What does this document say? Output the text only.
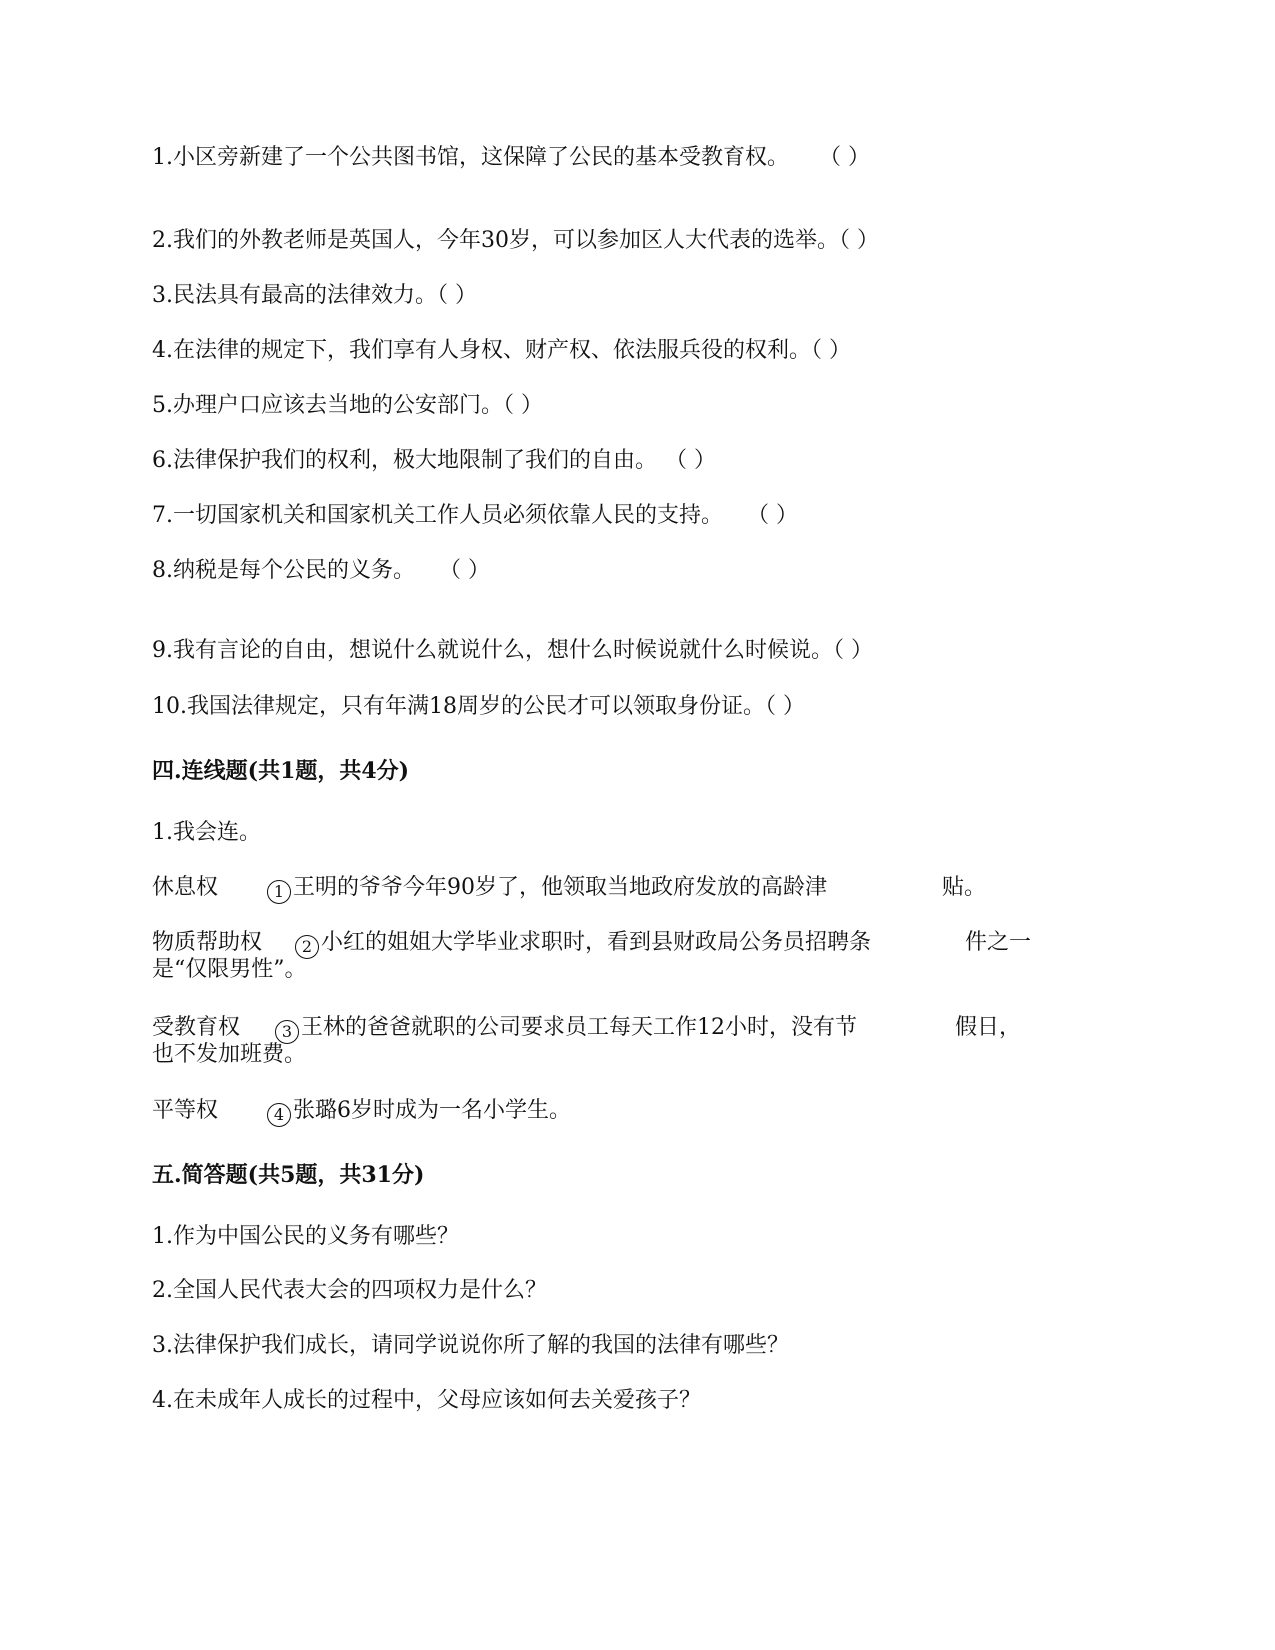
1.小区旁新建了一个公共图书馆，这保障了公民的基本受教育权。 （ ）
2.我们的外教老师是英国人，今年30岁，可以参加区人大代表的选举。（ ）
3.民法具有最高的法律效力。（ ）
4.在法律的规定下，我们享有人身权、财产权、依法服兵役的权利。（ ）
5.办理户口应该去当地的公安部门。（ ）
6.法律保护我们的权利，极大地限制了我们的自由。 （ ）
7.一切国家机关和国家机关工作人员必须依靠人民的支持。 （ ）
8.纳税是每个公民的义务。 （ ）
9.我有言论的自由，想说什么就说什么，想什么时候说就什么时候说。（ ）
10.我国法律规定，只有年满18周岁的公民才可以领取身份证。（ ）
四.连线题(共1题，共4分)
1.我会连。
休息权	1 王明的爷爷今年90岁了，他领取当地政府发放的高龄津	贴。
物质帮助权 2 小红的姐姐大学毕业求职时，看到县财政局公务员招聘条	件之一
是“仅限男性”。
受教育权	3 王林的爸爸就职的公司要求员工每天工作12小时，没有节	假日，
也不发加班费。
平等权	4 张璐6岁时成为一名小学生。
五.简答题(共5题，共31分)
1.作为中国公民的义务有哪些？
2.全国人民代表大会的四项权力是什么？
3.法律保护我们成长，请同学说说你所了解的我国的法律有哪些？
4.在未成年人成长的过程中，父母应该如何去关爱孩子？
